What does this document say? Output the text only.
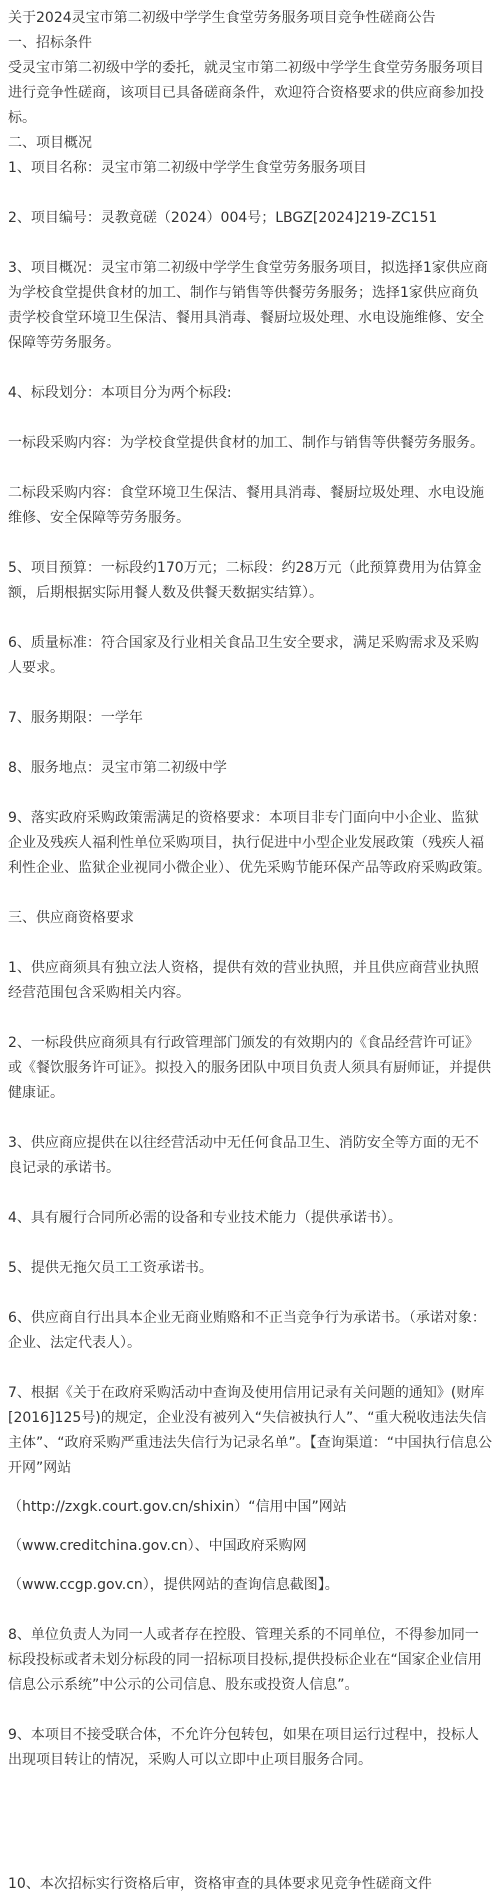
关于2024灵宝市第二初级中学学生食堂劳务服务项目竞争性磋商公告

一、招标条件

受灵宝市第二初级中学的委托，就灵宝市第二初级中学学生食堂劳务服务项目进行竞争性磋商，该项目已具备磋商条件，欢迎符合资格要求的供应商参加投标。

二、项目概况

1、项目名称：灵宝市第二初级中学学生食堂劳务服务项目

2、项目编号：灵教竟磋（2024）004号；LBGZ[2024]219-ZC151

3、项目概况：灵宝市第二初级中学学生食堂劳务服务项目，拟选择1家供应商为学校食堂提供食材的加工、制作与销售等供餐劳务服务；选择1家供应商负责学校食堂环境卫生保洁、餐用具消毒、餐厨垃圾处理、水电设施维修、安全保障等劳务服务。

4、标段划分：本项目分为两个标段:

一标段采购内容：为学校食堂提供食材的加工、制作与销售等供餐劳务服务。

二标段采购内容：食堂环境卫生保洁、餐用具消毒、餐厨垃圾处理、水电设施维修、安全保障等劳务服务。

5、项目预算：一标段约170万元；二标段：约28万元（此预算费用为估算金额，后期根据实际用餐人数及供餐天数据实结算）。

6、质量标准：符合国家及行业相关食品卫生安全要求，满足采购需求及采购人要求。

7、服务期限：一学年

8、服务地点：灵宝市第二初级中学

9、落实政府采购政策需满足的资格要求：本项目非专门面向中小企业、监狱企业及残疾人福利性单位采购项目，执行促进中小型企业发展政策（残疾人福利性企业、监狱企业视同小微企业）、优先采购节能环保产品等政府采购政策。

三、供应商资格要求

1、供应商须具有独立法人资格，提供有效的营业执照，并且供应商营业执照经营范围包含采购相关内容。

2、一标段供应商须具有行政管理部门颁发的有效期内的《食品经营许可证》或《餐饮服务许可证》。拟投入的服务团队中项目负责人须具有厨师证，并提供健康证。

3、供应商应提供在以往经营活动中无任何食品卫生、消防安全等方面的无不良记录的承诺书。

4、具有履行合同所必需的设备和专业技术能力（提供承诺书）。

5、提供无拖欠员工工资承诺书。

6、供应商自行出具本企业无商业贿赂和不正当竞争行为承诺书。（承诺对象：企业、法定代表人）。

7、根据《关于在政府采购活动中查询及使用信用记录有关问题的通知》(财库[2016]125号)的规定，企业没有被列入“失信被执行人”、“重大税收违法失信主体”、“政府采购严重违法失信行为记录名单”。【查询渠道：“中国执行信息公开网”网站

（http://zxgk.court.gov.cn/shixin）“信用中国”网站

（www.creditchina.gov.cn）、中国政府采购网

（www.ccgp.gov.cn），提供网站的查询信息截图】。

8、单位负责人为同一人或者存在控股、管理关系的不同单位，不得参加同一标段投标或者未划分标段的同一招标项目投标,提供投标企业在“国家企业信用信息公示系统”中公示的公司信息、股东或投资人信息”。

9、本项目不接受联合体，不允许分包转包，如果在项目运行过程中，投标人出现项目转让的情况，采购人可以立即中止项目服务合同。

10、本次招标实行资格后审，资格审查的具体要求见竞争性磋商文件
